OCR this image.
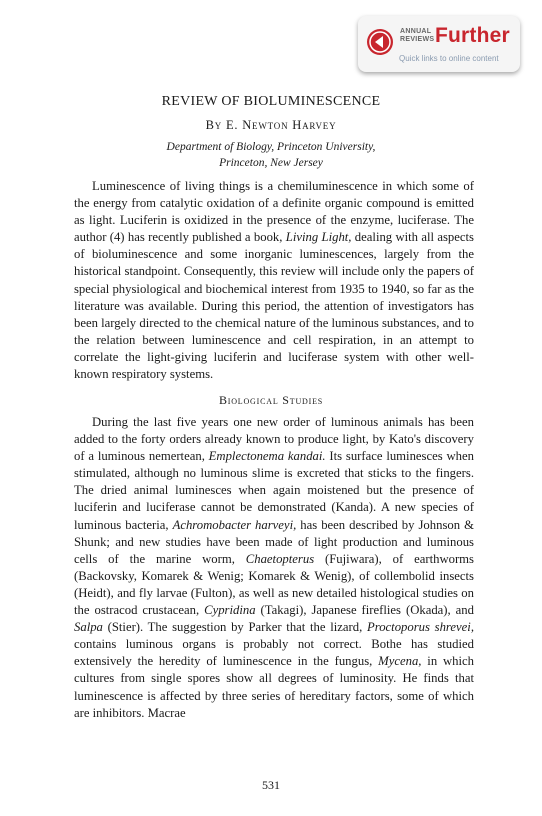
ANNUAL
REVIEWS Further
Quick links to online content
REVIEW OF BIOLUMINESCENCE
By E. Newton Harvey
Department of Biology, Princeton University,
Princeton, New Jersey

Luminescence of living things is a chemiluminescence in which some of the energy from catalytic oxidation of a definite organic compound is emitted as light. Luciferin is oxidized in the presence of the enzyme, luciferase. The author (4) has recently published a book, Living Light, dealing with all aspects of bioluminescence and some inorganic luminescences, largely from the historical standpoint. Consequently, this review will include only the papers of special physiological and biochemical interest from 1935 to 1940, so far as the literature was available. During this period, the attention of investigators has been largely directed to the chemical nature of the luminous substances, and to the relation between luminescence and cell respiration, in an attempt to correlate the light-giving luciferin and luciferase system with other well-known respiratory systems.

Biological Studies

During the last five years one new order of luminous animals has been added to the forty orders already known to produce light, by Kato's discovery of a luminous nemertean, Emplectonema kandai. Its surface luminesces when stimulated, although no luminous slime is excreted that sticks to the fingers. The dried animal luminesces when again moistened but the presence of luciferin and luciferase cannot be demonstrated (Kanda). A new species of luminous bacteria, Achromobacter harveyi, has been described by Johnson & Shunk; and new studies have been made of light production and luminous cells of the marine worm, Chaetopterus (Fujiwara), of earthworms (Backovsky, Komarek & Wenig; Komarek & Wenig), of collembolid insects (Heidt), and fly larvae (Fulton), as well as new detailed histological studies on the ostracod crustacean, Cypridina (Takagi), Japanese fireflies (Okada), and Salpa (Stier). The suggestion by Parker that the lizard, Proctoporus shrevei, contains luminous organs is probably not correct. Bothe has studied extensively the heredity of luminescence in the fungus, Mycena, in which cultures from single spores show all degrees of luminosity. He finds that luminescence is affected by three series of hereditary factors, some of which are inhibitors. Macrae

531
